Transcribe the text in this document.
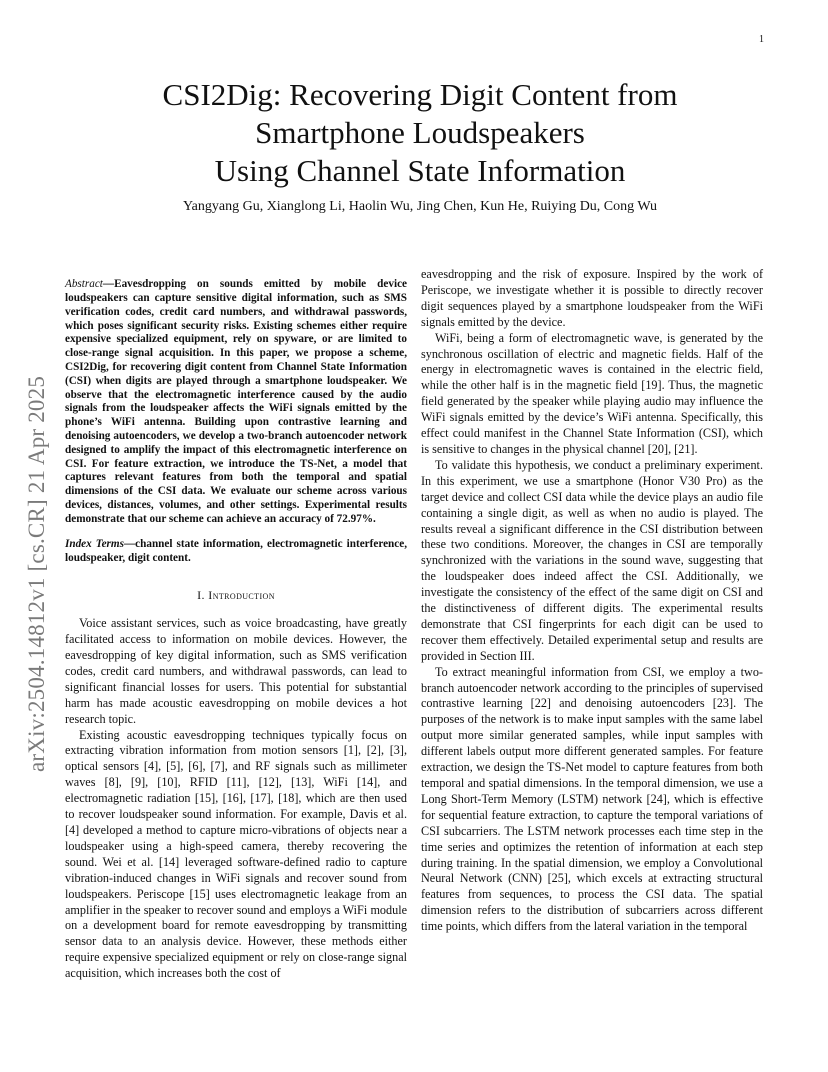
1
arXiv:2504.14812v1 [cs.CR] 21 Apr 2025
CSI2Dig: Recovering Digit Content from
Smartphone Loudspeakers
Using Channel State Information
Yangyang Gu, Xianglong Li, Haolin Wu, Jing Chen, Kun He, Ruiying Du, Cong Wu

Abstract—Eavesdropping on sounds emitted by mobile device loudspeakers can capture sensitive digital information, such as SMS verification codes, credit card numbers, and withdrawal passwords, which poses significant security risks. Existing schemes either require expensive specialized equipment, rely on spyware, or are limited to close-range signal acquisition. In this paper, we propose a scheme, CSI2Dig, for recovering digit content from Channel State Information (CSI) when digits are played through a smartphone loudspeaker. We observe that the electromagnetic interference caused by the audio signals from the loudspeaker affects the WiFi signals emitted by the phone’s WiFi antenna. Building upon contrastive learning and denoising autoencoders, we develop a two-branch autoencoder network designed to amplify the impact of this electromagnetic interference on CSI. For feature extraction, we introduce the TS-Net, a model that captures relevant features from both the temporal and spatial dimensions of the CSI data. We evaluate our scheme across various devices, distances, volumes, and other settings. Experimental results demonstrate that our scheme can achieve an accuracy of 72.97%.

Index Terms—channel state information, electromagnetic interference, loudspeaker, digit content.

I. Introduction

Voice assistant services, such as voice broadcasting, have greatly facilitated access to information on mobile devices. However, the eavesdropping of key digital information, such as SMS verification codes, credit card numbers, and withdrawal passwords, can lead to significant financial losses for users. This potential for substantial harm has made acoustic eavesdropping on mobile devices a hot research topic.

Existing acoustic eavesdropping techniques typically focus on extracting vibration information from motion sensors [1], [2], [3], optical sensors [4], [5], [6], [7], and RF signals such as millimeter waves [8], [9], [10], RFID [11], [12], [13], WiFi [14], and electromagnetic radiation [15], [16], [17], [18], which are then used to recover loudspeaker sound information. For example, Davis et al. [4] developed a method to capture micro-vibrations of objects near a loudspeaker using a high-speed camera, thereby recovering the sound. Wei et al. [14] leveraged software-defined radio to capture vibration-induced changes in WiFi signals and recover sound from loudspeakers. Periscope [15] uses electromagnetic leakage from an amplifier in the speaker to recover sound and employs a WiFi module on a development board for remote eavesdropping by transmitting sensor data to an analysis device. However, these methods either require expensive specialized equipment or rely on close-range signal acquisition, which increases both the cost of

eavesdropping and the risk of exposure. Inspired by the work of Periscope, we investigate whether it is possible to directly recover digit sequences played by a smartphone loudspeaker from the WiFi signals emitted by the device.

WiFi, being a form of electromagnetic wave, is generated by the synchronous oscillation of electric and magnetic fields. Half of the energy in electromagnetic waves is contained in the electric field, while the other half is in the magnetic field [19]. Thus, the magnetic field generated by the speaker while playing audio may influence the WiFi signals emitted by the device’s WiFi antenna. Specifically, this effect could manifest in the Channel State Information (CSI), which is sensitive to changes in the physical channel [20], [21].

To validate this hypothesis, we conduct a preliminary experiment. In this experiment, we use a smartphone (Honor V30 Pro) as the target device and collect CSI data while the device plays an audio file containing a single digit, as well as when no audio is played. The results reveal a significant difference in the CSI distribution between these two conditions. Moreover, the changes in CSI are temporally synchronized with the variations in the sound wave, suggesting that the loudspeaker does indeed affect the CSI. Additionally, we investigate the consistency of the effect of the same digit on CSI and the distinctiveness of different digits. The experimental results demonstrate that CSI fingerprints for each digit can be used to recover them effectively. Detailed experimental setup and results are provided in Section III.

To extract meaningful information from CSI, we employ a two-branch autoencoder network according to the principles of supervised contrastive learning [22] and denoising autoencoders [23]. The purposes of the network is to make input samples with the same label output more similar generated samples, while input samples with different labels output more different generated samples. For feature extraction, we design the TS-Net model to capture features from both temporal and spatial dimensions. In the temporal dimension, we use a Long Short-Term Memory (LSTM) network [24], which is effective for sequential feature extraction, to capture the temporal variations of CSI subcarriers. The LSTM network processes each time step in the time series and optimizes the retention of information at each step during training. In the spatial dimension, we employ a Convolutional Neural Network (CNN) [25], which excels at extracting structural features from sequences, to process the CSI data. The spatial dimension refers to the distribution of subcarriers across different time points, which differs from the lateral variation in the temporal
